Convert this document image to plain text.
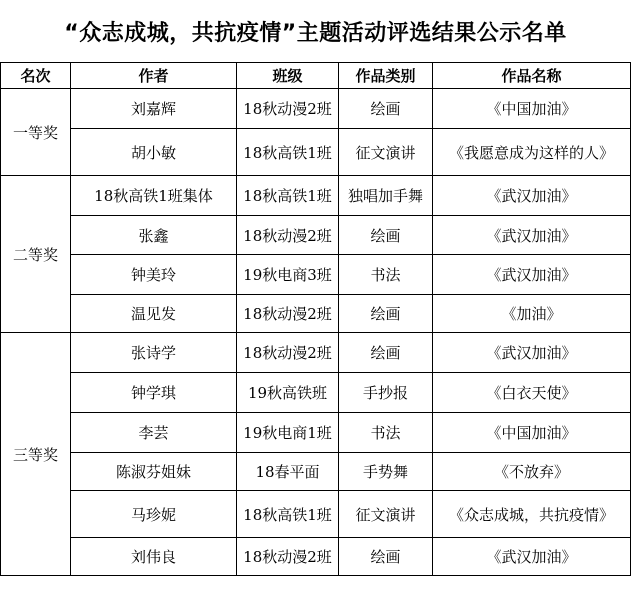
“众志成城，共抗疫情”主题活动评选结果公示名单
名次	作者	班级	作品类别	作品名称
一等奖	刘嘉辉	18秋动漫2班	绘画	《中国加油》
	胡小敏	18秋高铁1班	征文演讲	《我愿意成为这样的人》
二等奖	18秋高铁1班集体	18秋高铁1班	独唱加手舞	《武汉加油》
	张鑫	18秋动漫2班	绘画	《武汉加油》
	钟美玲	19秋电商3班	书法	《武汉加油》
	温见发	18秋动漫2班	绘画	《加油》
三等奖	张诗学	18秋动漫2班	绘画	《武汉加油》
	钟学琪	19秋高铁班	手抄报	《白衣天使》
	李芸	19秋电商1班	书法	《中国加油》
	陈淑芬姐妹	18春平面	手势舞	《不放弃》
	马珍妮	18秋高铁1班	征文演讲	《众志成城，共抗疫情》
	刘伟良	18秋动漫2班	绘画	《武汉加油》
